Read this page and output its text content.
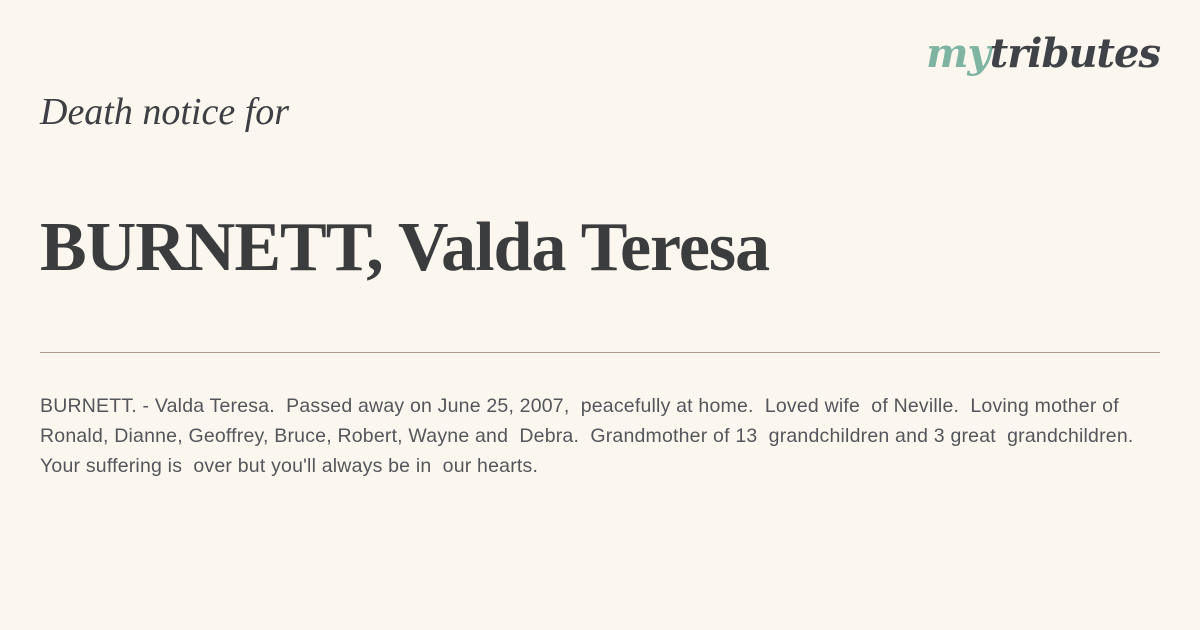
mytributes
Death notice for
BURNETT, Valda Teresa

BURNETT. - Valda Teresa.  Passed away on June 25, 2007,  peacefully at home.  Loved wife  of Neville.  Loving mother of  Ronald, Dianne, Geoffrey, Bruce, Robert, Wayne and  Debra.  Grandmother of 13  grandchildren and 3 great  grandchildren.  Your suffering is  over but you'll always be in  our hearts.
